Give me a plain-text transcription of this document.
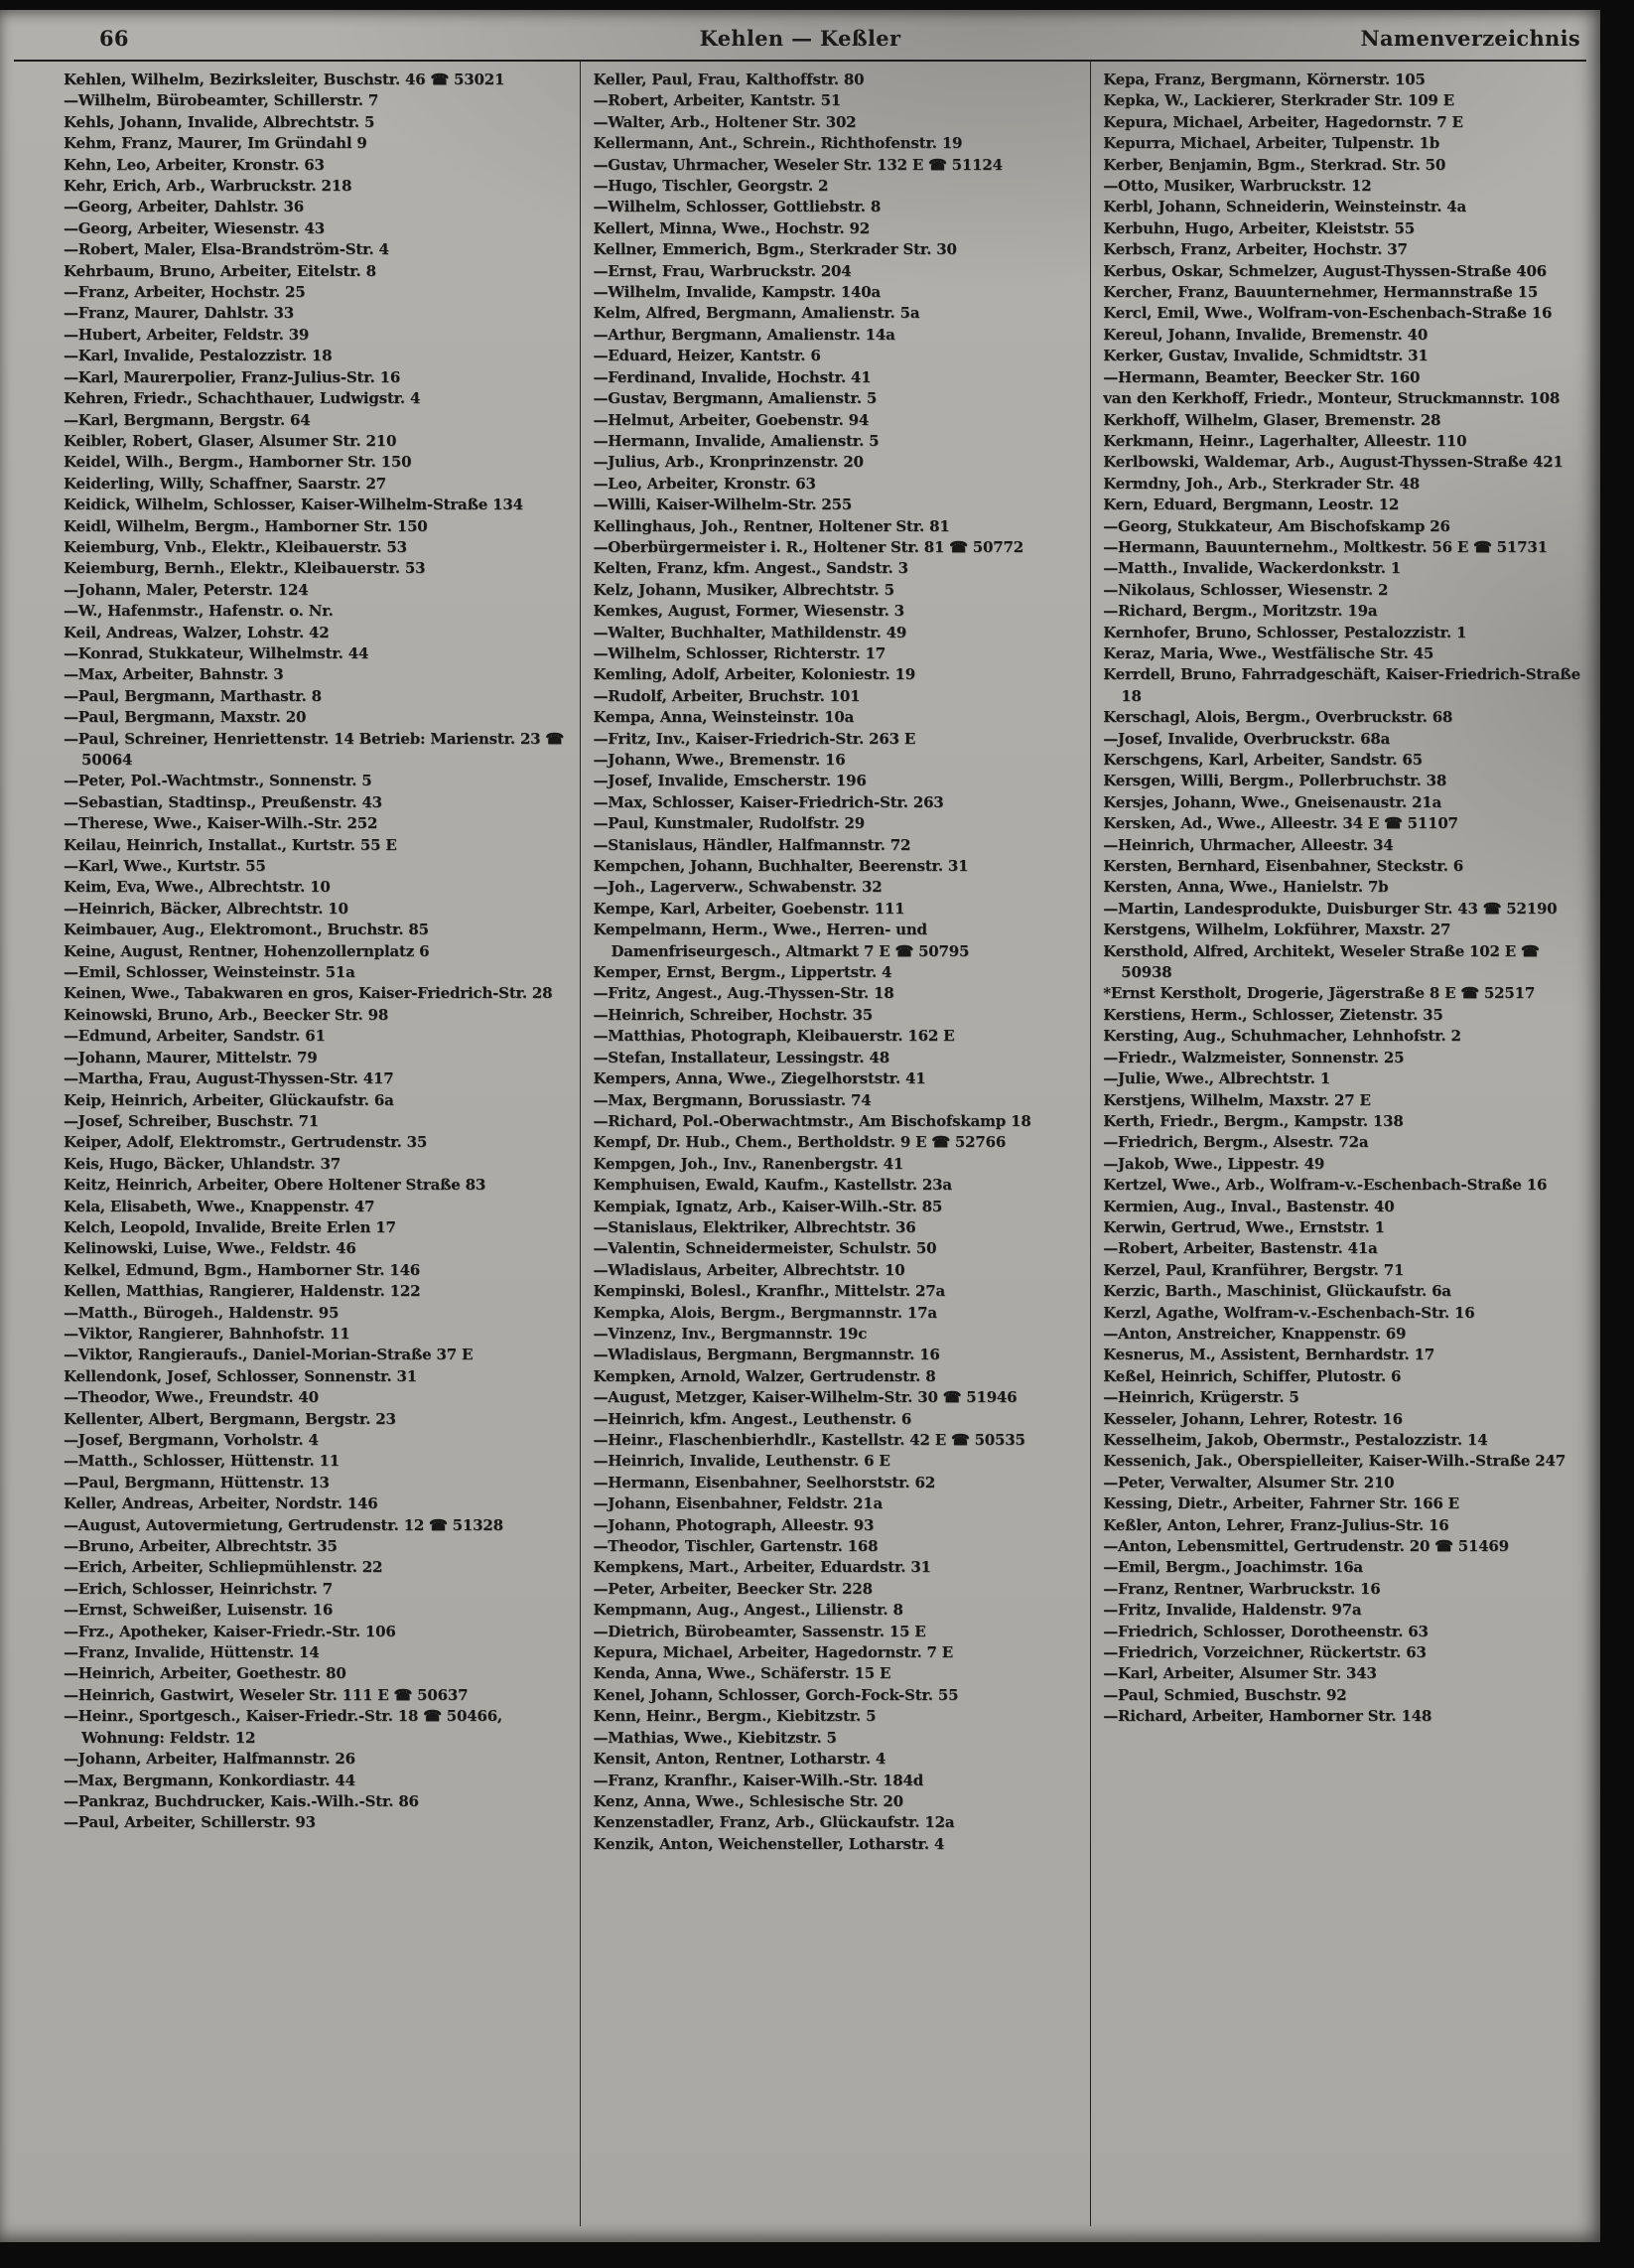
66	Kehlen — Keßler	Namenverzeichnis
Kehlen, Wilhelm, Bezirksleiter, Buschstr. 46 ☎ 53021
—Wilhelm, Bürobeamter, Schillerstr. 7
Kehls, Johann, Invalide, Albrechtstr. 5
Kehm, Franz, Maurer, Im Gründahl 9
Kehn, Leo, Arbeiter, Kronstr. 63
Kehr, Erich, Arb., Warbruckstr. 218
—Georg, Arbeiter, Dahlstr. 36
—Georg, Arbeiter, Wiesenstr. 43
—Robert, Maler, Elsa-Brandström-Str. 4
Kehrbaum, Bruno, Arbeiter, Eitelstr. 8
—Franz, Arbeiter, Hochstr. 25
—Franz, Maurer, Dahlstr. 33
—Hubert, Arbeiter, Feldstr. 39
—Karl, Invalide, Pestalozzistr. 18
—Karl, Maurerpolier, Franz-Julius-Str. 16
Kehren, Friedr., Schachthauer, Ludwigstr. 4
—Karl, Bergmann, Bergstr. 64
Keibler, Robert, Glaser, Alsumer Str. 210
Keidel, Wilh., Bergm., Hamborner Str. 150
Keiderling, Willy, Schaffner, Saarstr. 27
Keidick, Wilhelm, Schlosser, Kaiser-Wilhelm-Straße 134
Keidl, Wilhelm, Bergm., Hamborner Str. 150
Keiemburg, Vnb., Elektr., Kleibauerstr. 53
Keiemburg, Bernh., Elektr., Kleibauerstr. 53
—Johann, Maler, Peterstr. 124
—W., Hafenmstr., Hafenstr. o. Nr.
Keil, Andreas, Walzer, Lohstr. 42
—Konrad, Stukkateur, Wilhelmstr. 44
—Max, Arbeiter, Bahnstr. 3
—Paul, Bergmann, Marthastr. 8
—Paul, Bergmann, Maxstr. 20
—Paul, Schreiner, Henriettenstr. 14 Betrieb: Marienstr. 23 ☎ 50064
—Peter, Pol.-Wachtmstr., Sonnenstr. 5
—Sebastian, Stadtinsp., Preußenstr. 43
—Therese, Wwe., Kaiser-Wilh.-Str. 252
Keilau, Heinrich, Installat., Kurtstr. 55 E
—Karl, Wwe., Kurtstr. 55
Keim, Eva, Wwe., Albrechtstr. 10
—Heinrich, Bäcker, Albrechtstr. 10
Keimbauer, Aug., Elektromont., Bruchstr. 85
Keine, August, Rentner, Hohenzollernplatz 6
—Emil, Schlosser, Weinsteinstr. 51a
Keinen, Wwe., Tabakwaren en gros, Kaiser-Friedrich-Str. 28
Keinowski, Bruno, Arb., Beecker Str. 98
—Edmund, Arbeiter, Sandstr. 61
—Johann, Maurer, Mittelstr. 79
—Martha, Frau, August-Thyssen-Str. 417
Keip, Heinrich, Arbeiter, Glückaufstr. 6a
—Josef, Schreiber, Buschstr. 71
Keiper, Adolf, Elektromstr., Gertrudenstr. 35
Keis, Hugo, Bäcker, Uhlandstr. 37
Keitz, Heinrich, Arbeiter, Obere Holtener Straße 83
Kela, Elisabeth, Wwe., Knappenstr. 47
Kelch, Leopold, Invalide, Breite Erlen 17
Kelinowski, Luise, Wwe., Feldstr. 46
Kelkel, Edmund, Bgm., Hamborner Str. 146
Kellen, Matthias, Rangierer, Haldenstr. 122
—Matth., Bürogeh., Haldenstr. 95
—Viktor, Rangierer, Bahnhofstr. 11
—Viktor, Rangieraufs., Daniel-Morian-Straße 37 E
Kellendonk, Josef, Schlosser, Sonnenstr. 31
—Theodor, Wwe., Freundstr. 40
Kellenter, Albert, Bergmann, Bergstr. 23
—Josef, Bergmann, Vorholstr. 4
—Matth., Schlosser, Hüttenstr. 11
—Paul, Bergmann, Hüttenstr. 13
Keller, Andreas, Arbeiter, Nordstr. 146
—August, Autovermietung, Gertrudenstr. 12 ☎ 51328
—Bruno, Arbeiter, Albrechtstr. 35
—Erich, Arbeiter, Schliepmühlenstr. 22
—Erich, Schlosser, Heinrichstr. 7
—Ernst, Schweißer, Luisenstr. 16
—Frz., Apotheker, Kaiser-Friedr.-Str. 106
—Franz, Invalide, Hüttenstr. 14
—Heinrich, Arbeiter, Goethestr. 80
—Heinrich, Gastwirt, Weseler Str. 111 E ☎ 50637
—Heinr., Sportgesch., Kaiser-Friedr.-Str. 18 ☎ 50466, Wohnung: Feldstr. 12
—Johann, Arbeiter, Halfmannstr. 26
—Max, Bergmann, Konkordiastr. 44
—Pankraz, Buchdrucker, Kais.-Wilh.-Str. 86
—Paul, Arbeiter, Schillerstr. 93
Keller, Paul, Frau, Kalthoffstr. 80
—Robert, Arbeiter, Kantstr. 51
—Walter, Arb., Holtener Str. 302
Kellermann, Ant., Schrein., Richthofenstr. 19
—Gustav, Uhrmacher, Weseler Str. 132 E ☎ 51124
—Hugo, Tischler, Georgstr. 2
—Wilhelm, Schlosser, Gottliebstr. 8
Kellert, Minna, Wwe., Hochstr. 92
Kellner, Emmerich, Bgm., Sterkrader Str. 30
—Ernst, Frau, Warbruckstr. 204
—Wilhelm, Invalide, Kampstr. 140a
Kelm, Alfred, Bergmann, Amalienstr. 5a
—Arthur, Bergmann, Amalienstr. 14a
—Eduard, Heizer, Kantstr. 6
—Ferdinand, Invalide, Hochstr. 41
—Gustav, Bergmann, Amalienstr. 5
—Helmut, Arbeiter, Goebenstr. 94
—Hermann, Invalide, Amalienstr. 5
—Julius, Arb., Kronprinzenstr. 20
—Leo, Arbeiter, Kronstr. 63
—Willi, Kaiser-Wilhelm-Str. 255
Kellinghaus, Joh., Rentner, Holtener Str. 81
—Oberbürgermeister i. R., Holtener Str. 81 ☎ 50772
Kelten, Franz, kfm. Angest., Sandstr. 3
Kelz, Johann, Musiker, Albrechtstr. 5
Kemkes, August, Former, Wiesenstr. 3
—Walter, Buchhalter, Mathildenstr. 49
—Wilhelm, Schlosser, Richterstr. 17
Kemling, Adolf, Arbeiter, Koloniestr. 19
—Rudolf, Arbeiter, Bruchstr. 101
Kempa, Anna, Weinsteinstr. 10a
—Fritz, Inv., Kaiser-Friedrich-Str. 263 E
—Johann, Wwe., Bremenstr. 16
—Josef, Invalide, Emscherstr. 196
—Max, Schlosser, Kaiser-Friedrich-Str. 263
—Paul, Kunstmaler, Rudolfstr. 29
—Stanislaus, Händler, Halfmannstr. 72
Kempchen, Johann, Buchhalter, Beerenstr. 31
—Joh., Lagerverw., Schwabenstr. 32
Kempe, Karl, Arbeiter, Goebenstr. 111
Kempelmann, Herm., Wwe., Herren- und Damenfriseurgesch., Altmarkt 7 E ☎ 50795
Kemper, Ernst, Bergm., Lippertstr. 4
—Fritz, Angest., Aug.-Thyssen-Str. 18
—Heinrich, Schreiber, Hochstr. 35
—Matthias, Photograph, Kleibauerstr. 162 E
—Stefan, Installateur, Lessingstr. 48
Kempers, Anna, Wwe., Ziegelhorststr. 41
—Max, Bergmann, Borussiastr. 74
—Richard, Pol.-Oberwachtmstr., Am Bischofskamp 18
Kempf, Dr. Hub., Chem., Bertholdstr. 9 E ☎ 52766
Kempgen, Joh., Inv., Ranenbergstr. 41
Kemphuisen, Ewald, Kaufm., Kastellstr. 23a
Kempiak, Ignatz, Arb., Kaiser-Wilh.-Str. 85
—Stanislaus, Elektriker, Albrechtstr. 36
—Valentin, Schneidermeister, Schulstr. 50
—Wladislaus, Arbeiter, Albrechtstr. 10
Kempinski, Bolesl., Kranfhr., Mittelstr. 27a
Kempka, Alois, Bergm., Bergmannstr. 17a
—Vinzenz, Inv., Bergmannstr. 19c
—Wladislaus, Bergmann, Bergmannstr. 16
Kempken, Arnold, Walzer, Gertrudenstr. 8
—August, Metzger, Kaiser-Wilhelm-Str. 30 ☎ 51946
—Heinrich, kfm. Angest., Leuthenstr. 6
—Heinr., Flaschenbierhdlr., Kastellstr. 42 E ☎ 50535
—Heinrich, Invalide, Leuthenstr. 6 E
—Hermann, Eisenbahner, Seelhorststr. 62
—Johann, Eisenbahner, Feldstr. 21a
—Johann, Photograph, Alleestr. 93
—Theodor, Tischler, Gartenstr. 168
Kempkens, Mart., Arbeiter, Eduardstr. 31
—Peter, Arbeiter, Beecker Str. 228
Kempmann, Aug., Angest., Lilienstr. 8
—Dietrich, Bürobeamter, Sassenstr. 15 E
Kepura, Michael, Arbeiter, Hagedornstr. 7 E
Kenda, Anna, Wwe., Schäferstr. 15 E
Kenel, Johann, Schlosser, Gorch-Fock-Str. 55
Kenn, Heinr., Bergm., Kiebitzstr. 5
—Mathias, Wwe., Kiebitzstr. 5
Kensit, Anton, Rentner, Lotharstr. 4
—Franz, Kranfhr., Kaiser-Wilh.-Str. 184d
Kenz, Anna, Wwe., Schlesische Str. 20
Kenzenstadler, Franz, Arb., Glückaufstr. 12a
Kenzik, Anton, Weichensteller, Lotharstr. 4
Kepa, Franz, Bergmann, Körnerstr. 105
Kepka, W., Lackierer, Sterkrader Str. 109 E
Kepura, Michael, Arbeiter, Hagedornstr. 7 E
Kepurra, Michael, Arbeiter, Tulpenstr. 1b
Kerber, Benjamin, Bgm., Sterkrad. Str. 50
—Otto, Musiker, Warbruckstr. 12
Kerbl, Johann, Schneiderin, Weinsteinstr. 4a
Kerbuhn, Hugo, Arbeiter, Kleiststr. 55
Kerbsch, Franz, Arbeiter, Hochstr. 37
Kerbus, Oskar, Schmelzer, August-Thyssen-Straße 406
Kercher, Franz, Bauunternehmer, Hermannstraße 15
Kercl, Emil, Wwe., Wolfram-von-Eschenbach-Straße 16
Kereul, Johann, Invalide, Bremenstr. 40
Kerker, Gustav, Invalide, Schmidtstr. 31
—Hermann, Beamter, Beecker Str. 160
van den Kerkhoff, Friedr., Monteur, Struckmannstr. 108
Kerkhoff, Wilhelm, Glaser, Bremenstr. 28
Kerkmann, Heinr., Lagerhalter, Alleestr. 110
Kerlbowski, Waldemar, Arb., August-Thyssen-Straße 421
Kermdny, Joh., Arb., Sterkrader Str. 48
Kern, Eduard, Bergmann, Leostr. 12
—Georg, Stukkateur, Am Bischofskamp 26
—Hermann, Bauunternehm., Moltkestr. 56 E ☎ 51731
—Matth., Invalide, Wackerdonkstr. 1
—Nikolaus, Schlosser, Wiesenstr. 2
—Richard, Bergm., Moritzstr. 19a
Kernhofer, Bruno, Schlosser, Pestalozzistr. 1
Keraz, Maria, Wwe., Westfälische Str. 45
Kerrdell, Bruno, Fahrradgeschäft, Kaiser-Friedrich-Straße 18
Kerschagl, Alois, Bergm., Overbruckstr. 68
—Josef, Invalide, Overbruckstr. 68a
Kerschgens, Karl, Arbeiter, Sandstr. 65
Kersgen, Willi, Bergm., Pollerbruchstr. 38
Kersjes, Johann, Wwe., Gneisenaustr. 21a
Kersken, Ad., Wwe., Alleestr. 34 E ☎ 51107
—Heinrich, Uhrmacher, Alleestr. 34
Kersten, Bernhard, Eisenbahner, Steckstr. 6
Kersten, Anna, Wwe., Hanielstr. 7b
—Martin, Landesprodukte, Duisburger Str. 43 ☎ 52190
Kerstgens, Wilhelm, Lokführer, Maxstr. 27
Kersthold, Alfred, Architekt, Weseler Straße 102 E ☎ 50938
*Ernst Kerstholt, Drogerie, Jägerstraße 8 E ☎ 52517
Kerstiens, Herm., Schlosser, Zietenstr. 35
Kersting, Aug., Schuhmacher, Lehnhofstr. 2
—Friedr., Walzmeister, Sonnenstr. 25
—Julie, Wwe., Albrechtstr. 1
Kerstjens, Wilhelm, Maxstr. 27 E
Kerth, Friedr., Bergm., Kampstr. 138
—Friedrich, Bergm., Alsestr. 72a
—Jakob, Wwe., Lippestr. 49
Kertzel, Wwe., Arb., Wolfram-v.-Eschenbach-Straße 16
Kermien, Aug., Inval., Bastenstr. 40
Kerwin, Gertrud, Wwe., Ernststr. 1
—Robert, Arbeiter, Bastenstr. 41a
Kerzel, Paul, Kranführer, Bergstr. 71
Kerzic, Barth., Maschinist, Glückaufstr. 6a
Kerzl, Agathe, Wolfram-v.-Eschenbach-Str. 16
—Anton, Anstreicher, Knappenstr. 69
Kesnerus, M., Assistent, Bernhardstr. 17
Keßel, Heinrich, Schiffer, Plutostr. 6
—Heinrich, Krügerstr. 5
Kesseler, Johann, Lehrer, Rotestr. 16
Kesselheim, Jakob, Obermstr., Pestalozzistr. 14
Kessenich, Jak., Oberspielleiter, Kaiser-Wilh.-Straße 247
—Peter, Verwalter, Alsumer Str. 210
Kessing, Dietr., Arbeiter, Fahrner Str. 166 E
Keßler, Anton, Lehrer, Franz-Julius-Str. 16
—Anton, Lebensmittel, Gertrudenstr. 20 ☎ 51469
—Emil, Bergm., Joachimstr. 16a
—Franz, Rentner, Warbruckstr. 16
—Fritz, Invalide, Haldenstr. 97a
—Friedrich, Schlosser, Dorotheenstr. 63
—Friedrich, Vorzeichner, Rückertstr. 63
—Karl, Arbeiter, Alsumer Str. 343
—Paul, Schmied, Buschstr. 92
—Richard, Arbeiter, Hamborner Str. 148
